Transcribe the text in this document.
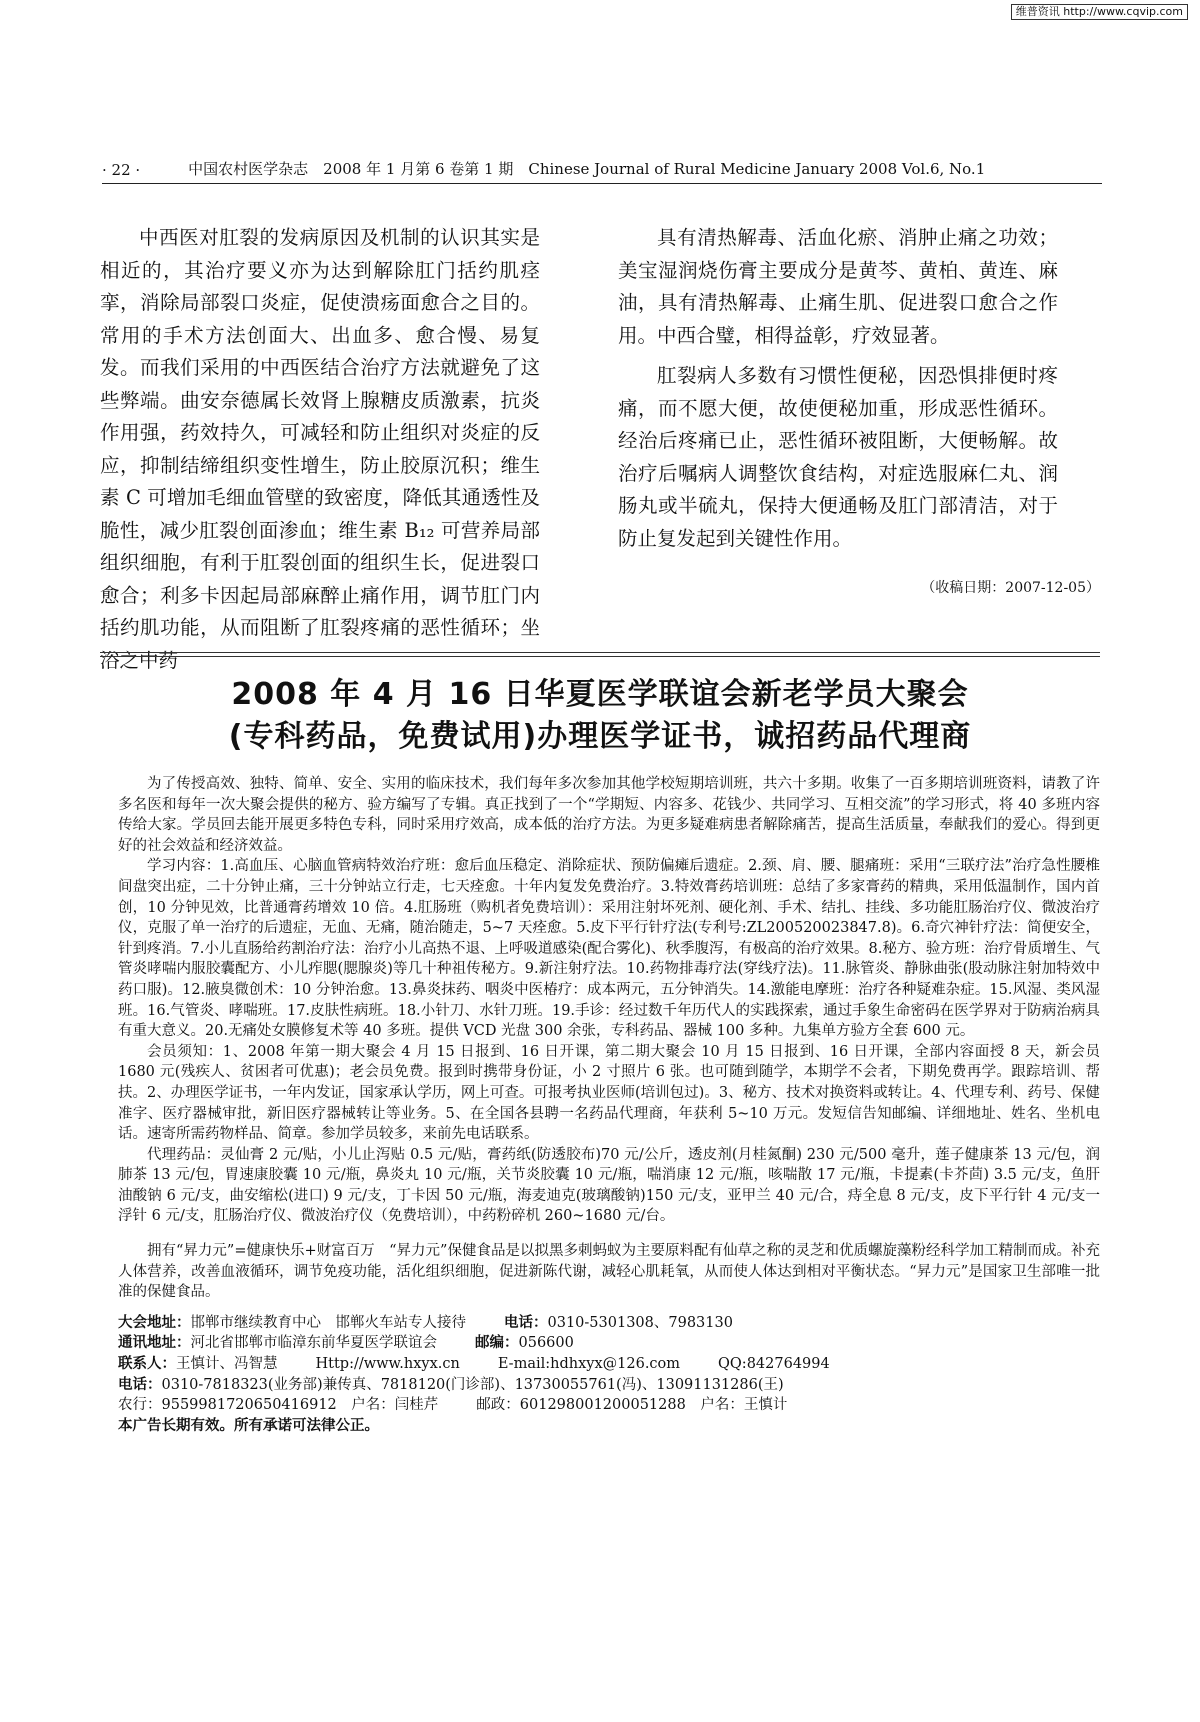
维普资讯 http://www.cqvip.com
· 22 ·	中国农村医学杂志　2008 年 1 月第 6 卷第 1 期　Chinese Journal of Rural Medicine January 2008 Vol.6, No.1

中西医对肛裂的发病原因及机制的认识其实是相近的，其治疗要义亦为达到解除肛门括约肌痉挛，消除局部裂口炎症，促使溃疡面愈合之目的。常用的手术方法创面大、出血多、愈合慢、易复发。而我们采用的中西医结合治疗方法就避免了这些弊端。曲安奈德属长效肾上腺糖皮质激素，抗炎作用强，药效持久，可减轻和防止组织对炎症的反应，抑制结缔组织变性增生，防止胶原沉积；维生素 C 可增加毛细血管壁的致密度，降低其通透性及脆性，减少肛裂创面渗血；维生素 B₁₂ 可营养局部组织细胞，有利于肛裂创面的组织生长，促进裂口愈合；利多卡因起局部麻醉止痛作用，调节肛门内括约肌功能，从而阻断了肛裂疼痛的恶性循环；坐浴之中药

具有清热解毒、活血化瘀、消肿止痛之功效；美宝湿润烧伤膏主要成分是黄芩、黄柏、黄连、麻油，具有清热解毒、止痛生肌、促进裂口愈合之作用。中西合璧，相得益彰，疗效显著。

肛裂病人多数有习惯性便秘，因恐惧排便时疼痛，而不愿大便，故使便秘加重，形成恶性循环。经治后疼痛已止，恶性循环被阻断，大便畅解。故治疗后嘱病人调整饮食结构，对症选服麻仁丸、润肠丸或半硫丸，保持大便通畅及肛门部清洁，对于防止复发起到关键性作用。

（收稿日期：2007-12-05）
2008 年 4 月 16 日华夏医学联谊会新老学员大聚会
(专科药品，免费试用)办理医学证书，诚招药品代理商

为了传授高效、独特、简单、安全、实用的临床技术，我们每年多次参加其他学校短期培训班，共六十多期。收集了一百多期培训班资料，请教了许多名医和每年一次大聚会提供的秘方、验方编写了专辑。真正找到了一个“学期短、内容多、花钱少、共同学习、互相交流”的学习形式，将 40 多班内容传给大家。学员回去能开展更多特色专科，同时采用疗效高，成本低的治疗方法。为更多疑难病患者解除痛苦，提高生活质量，奉献我们的爱心。得到更好的社会效益和经济效益。

学习内容：1.高血压、心脑血管病特效治疗班：愈后血压稳定、消除症状、预防偏瘫后遗症。2.颈、肩、腰、腿痛班：采用“三联疗法”治疗急性腰椎间盘突出症，二十分钟止痛，三十分钟站立行走，七天痊愈。十年内复发免费治疗。3.特效膏药培训班：总结了多家膏药的精典，采用低温制作，国内首创，10 分钟见效，比普通膏药增效 10 倍。4.肛肠班（购机者免费培训）：采用注射坏死剂、硬化剂、手术、结扎、挂线、多功能肛肠治疗仪、微波治疗仪，克服了单一治疗的后遗症，无血、无痛，随治随走，5~7 天痊愈。5.皮下平行针疗法(专利号:ZL200520023847.8)。6.奇穴神针疗法：简便安全，针到疼消。7.小儿直肠给药割治疗法：治疗小儿高热不退、上呼吸道感染(配合雾化)、秋季腹泻，有极高的治疗效果。8.秘方、验方班：治疗骨质增生、气管炎哮喘内服胶囊配方、小儿痄腮(腮腺炎)等几十种祖传秘方。9.新注射疗法。10.药物排毒疗法(穿线疗法)。11.脉管炎、静脉曲张(股动脉注射加特效中药口服)。12.腋臭微创术：10 分钟治愈。13.鼻炎抹药、咽炎中医椿疗：成本两元，五分钟消失。14.激能电摩班：治疗各种疑难杂症。15.风湿、类风湿班。16.气管炎、哮喘班。17.皮肤性病班。18.小针刀、水针刀班。19.手诊：经过数千年历代人的实践探索，通过手象生命密码在医学界对于防病治病具有重大意义。20.无痛处女膜修复术等 40 多班。提供 VCD 光盘 300 余张，专科药品、器械 100 多种。九集单方验方全套 600 元。

会员须知：1、2008 年第一期大聚会 4 月 15 日报到、16 日开课，第二期大聚会 10 月 15 日报到、16 日开课，全部内容面授 8 天，新会员 1680 元(残疾人、贫困者可优惠)；老会员免费。报到时携带身份证，小 2 寸照片 6 张。也可随到随学，本期学不会者，下期免费再学。跟踪培训、帮扶。2、办理医学证书，一年内发证，国家承认学历，网上可查。可报考执业医师(培训包过)。3、秘方、技术对换资料或转让。4、代理专利、药号、保健准字、医疗器械审批，新旧医疗器械转让等业务。5、在全国各县聘一名药品代理商，年获利 5~10 万元。发短信告知邮编、详细地址、姓名、坐机电话。速寄所需药物样品、简章。参加学员较多，来前先电话联系。

代理药品：灵仙膏 2 元/贴，小儿止泻贴 0.5 元/贴，膏药纸(防透胶布)70 元/公斤，透皮剂(月桂氮酮) 230 元/500 毫升，莲子健康茶 13 元/包，润肺茶 13 元/包，胃速康胶囊 10 元/瓶，鼻炎丸 10 元/瓶，关节炎胶囊 10 元/瓶，喘消康 12 元/瓶，咳喘散 17 元/瓶，卡提素(卡芥茴) 3.5 元/支，鱼肝油酸钠 6 元/支，曲安缩松(进口) 9 元/支，丁卡因 50 元/瓶，海麦迪克(玻璃酸钠)150 元/支，亚甲兰 40 元/合，痔全息 8 元/支，皮下平行针 4 元/支一浮针 6 元/支，肛肠治疗仪、微波治疗仪（免费培训），中药粉碎机 260~1680 元/台。

拥有“昇力元”=健康快乐+财富百万　“昇力元”保健食品是以拟黑多刺蚂蚁为主要原料配有仙草之称的灵芝和优质螺旋藻粉经科学加工精制而成。补充人体营养，改善血液循环，调节免疫功能，活化组织细胞，促进新陈代谢，减轻心肌耗氧，从而使人体达到相对平衡状态。“昇力元”是国家卫生部唯一批准的保健食品。

大会地址：邯郸市继续教育中心　邯郸火车站专人接待	电话：0310-5301308、7983130
通讯地址：河北省邯郸市临漳东前华夏医学联谊会	邮编：056600
联系人：王慎计、冯智慧	Http://www.hxyx.cn	E-mail:hdhxyx@126.com	QQ:842764994
电话：0310-7818323(业务部)兼传真、7818120(门诊部)、13730055761(冯)、13091131286(王)
农行：9559981720650416912　户名：闫桂芹	邮政：601298001200051288　户名：王慎计
本广告长期有效。所有承诺可法律公正。
